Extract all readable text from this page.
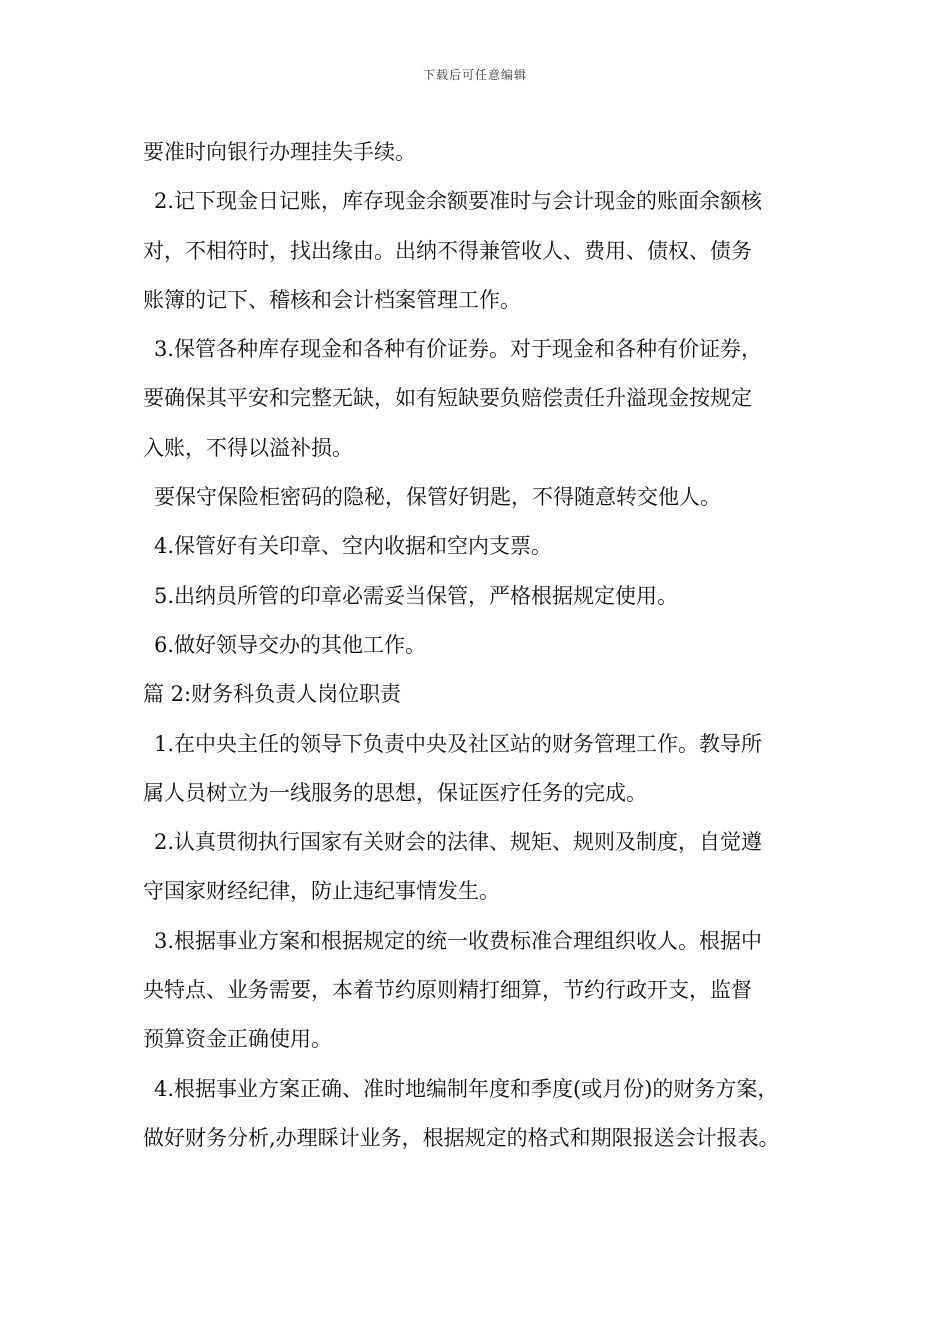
下载后可任意编辑
要准时向银行办理挂失手续。
2.记下现金日记账，库存现金余额要准时与会计现金的账面余额核
对，不相符时，找出缘由。出纳不得兼管收人、费用、债权、债务
账簿的记下、稽核和会计档案管理工作。
3.保管各种库存现金和各种有价证券。对于现金和各种有价证券，
要确保其平安和完整无缺，如有短缺要负赔偿责任升溢现金按规定
入账，不得以溢补损。
要保守保险柜密码的隐秘，保管好钥匙，不得随意转交他人。
4.保管好有关印章、空内收据和空内支票。
5.出纳员所管的印章必需妥当保管，严格根据规定使用。
6.做好领导交办的其他工作。
篇 2:财务科负责人岗位职责
1.在中央主任的领导下负责中央及社区站的财务管理工作。教导所
属人员树立为一线服务的思想，保证医疗任务的完成。
2.认真贯彻执行国家有关财会的法律、规矩、规则及制度，自觉遵
守国家财经纪律，防止违纪事情发生。
3.根据事业方案和根据规定的统一收费标准合理组织收人。根据中
央特点、业务需要，本着节约原则精打细算，节约行政开支，监督
预算资金正确使用。
4.根据事业方案正确、准时地编制年度和季度(或月份)的财务方案，
做好财务分析,办理睬计业务，根据规定的格式和期限报送会计报表。
